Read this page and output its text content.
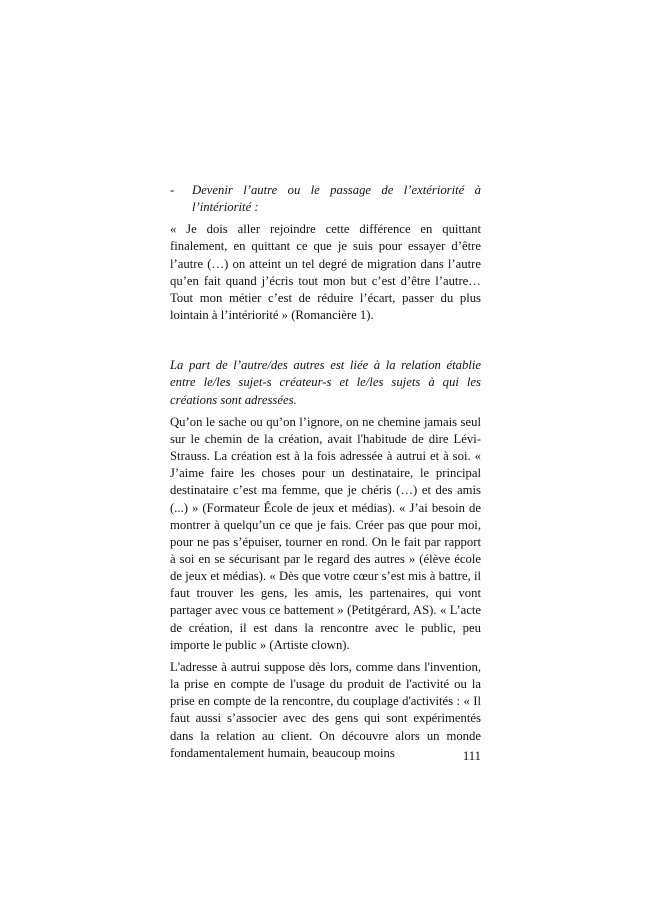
- Devenir l’autre ou le passage de l’extériorité à l’intériorité :

« Je dois aller rejoindre cette différence en quittant finalement, en quittant ce que je suis pour essayer d’être l’autre (…) on atteint un tel degré de migration dans l’autre qu’en fait quand j’écris tout mon but c’est d’être l’autre… Tout mon métier c’est de réduire l’écart, passer du plus lointain à l’intériorité » (Romancière 1).

La part de l’autre/des autres est liée à la relation établie entre le/les sujet-s créateur-s et le/les sujets à qui les créations sont adressées.

Qu’on le sache ou qu’on l’ignore, on ne chemine jamais seul sur le chemin de la création, avait l'habitude de dire Lévi-Strauss. La création est à la fois adressée à autrui et à soi. « J’aime faire les choses pour un destinataire, le principal destinataire c’est ma femme, que je chéris (…) et des amis (...) » (Formateur École de jeux et médias). « J’ai besoin de montrer à quelqu’un ce que je fais. Créer pas que pour moi, pour ne pas s’épuiser, tourner en rond. On le fait par rapport à soi en se sécurisant par le regard des autres » (élève école de jeux et médias). « Dès que votre cœur s’est mis à battre, il faut trouver les gens, les amis, les partenaires, qui vont partager avec vous ce battement » (Petitgérard, AS). « L’acte de création, il est dans la rencontre avec le public, peu importe le public » (Artiste clown).

L'adresse à autrui suppose dès lors, comme dans l'invention, la prise en compte de l'usage du produit de l'activité ou la prise en compte de la rencontre, du couplage d'activités : « Il faut aussi s’associer avec des gens qui sont expérimentés dans la relation au client. On découvre alors un monde fondamentalement humain, beaucoup moins	111
